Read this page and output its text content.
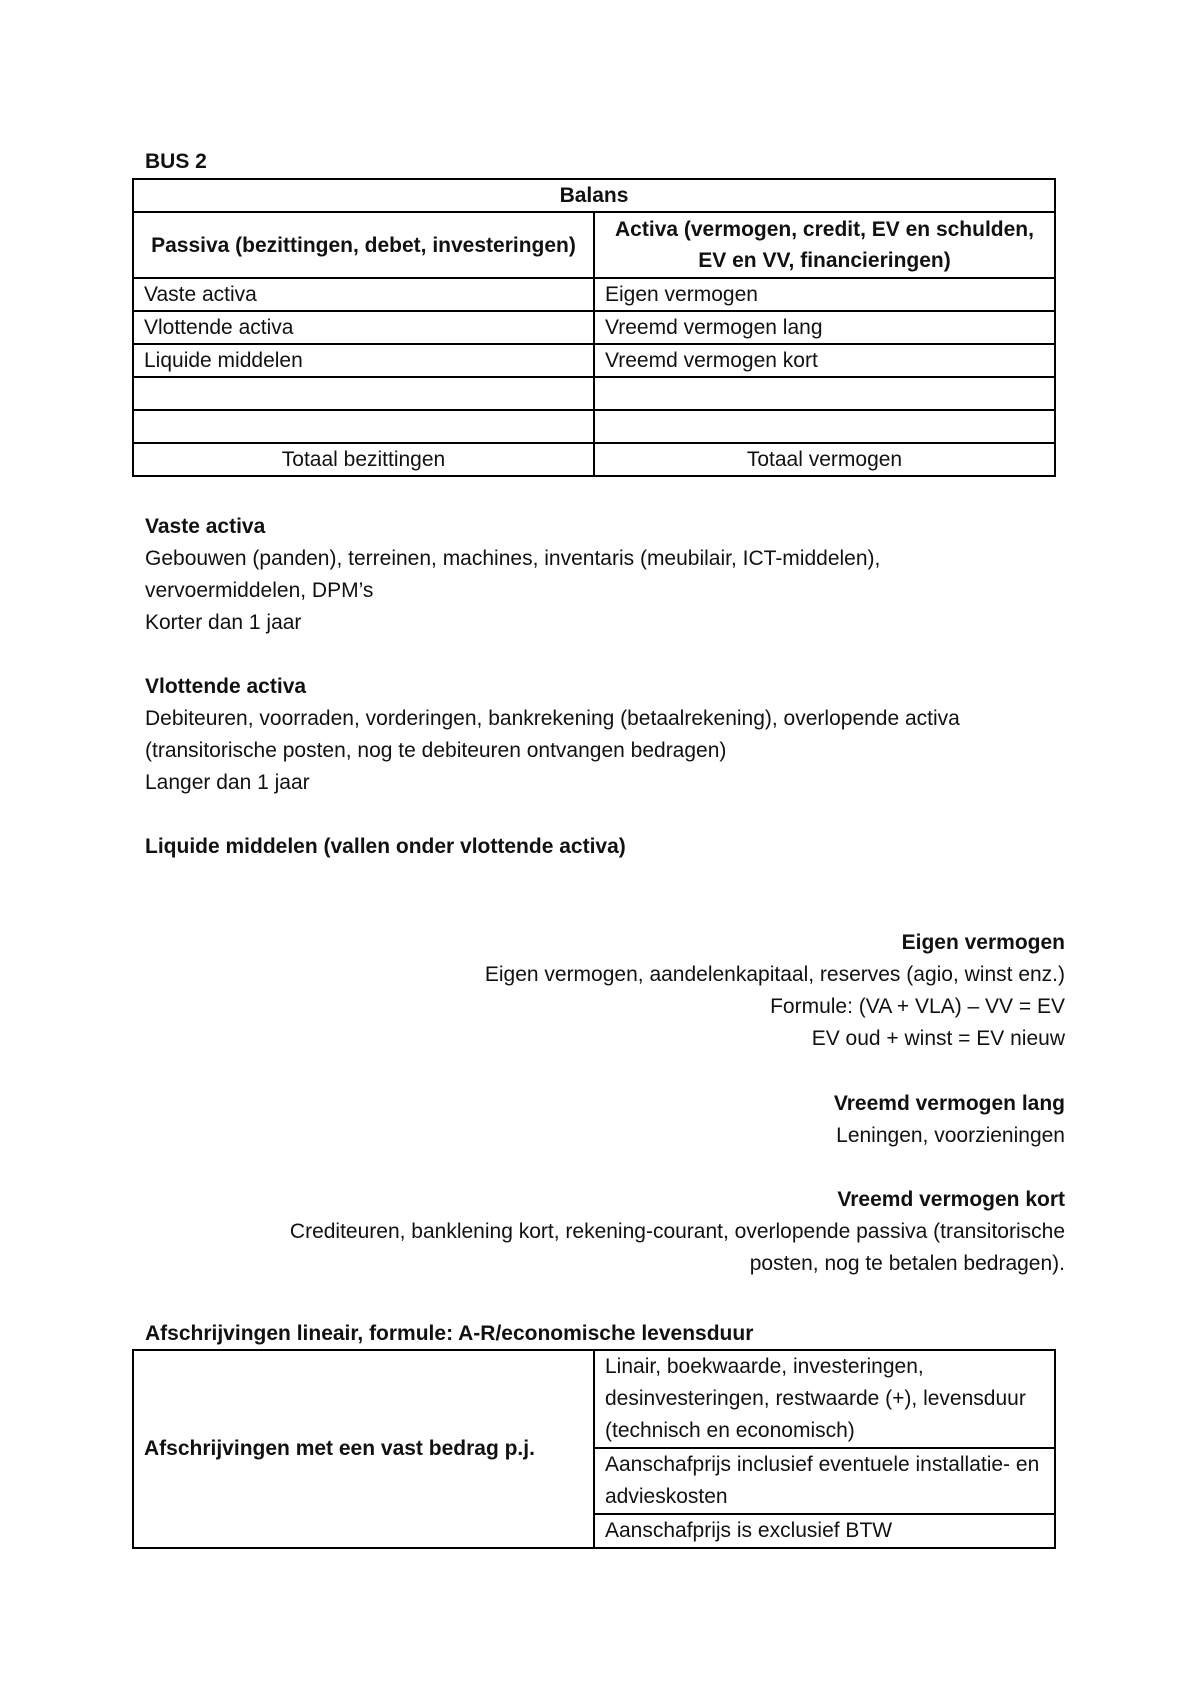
BUS 2
Balans	
Passiva (bezittingen, debet, investeringen)	Activa (vermogen, credit, EV en schulden, EV en VV, financieringen)
Vaste activa	Eigen vermogen
Vlottende activa	Vreemd vermogen lang
Liquide middelen	Vreemd vermogen kort

Totaal bezittingen	Totaal vermogen
Vaste activa
Gebouwen (panden), terreinen, machines, inventaris (meubilair, ICT-middelen), vervoermiddelen, DPM’s
Korter dan 1 jaar
Vlottende activa
Debiteuren, voorraden, vorderingen, bankrekening (betaalrekening), overlopende activa (transitorische posten, nog te debiteuren ontvangen bedragen)
Langer dan 1 jaar
Liquide middelen (vallen onder vlottende activa)
Eigen vermogen
Eigen vermogen, aandelenkapitaal, reserves (agio, winst enz.)
Formule: (VA + VLA) – VV = EV
EV oud + winst = EV nieuw
Vreemd vermogen lang
Leningen, voorzieningen
Vreemd vermogen kort
Crediteuren, banklening kort, rekening-courant, overlopende passiva (transitorische
posten, nog te betalen bedragen).
Afschrijvingen lineair, formule: A-R/economische levensduur
Afschrijvingen met een vast bedrag p.j.	Linair, boekwaarde, investeringen, desinvesteringen, restwaarde (+), levensduur (technisch en economisch)
Aanschafprijs inclusief eventuele installatie- en advieskosten
Aanschafprijs is exclusief BTW
